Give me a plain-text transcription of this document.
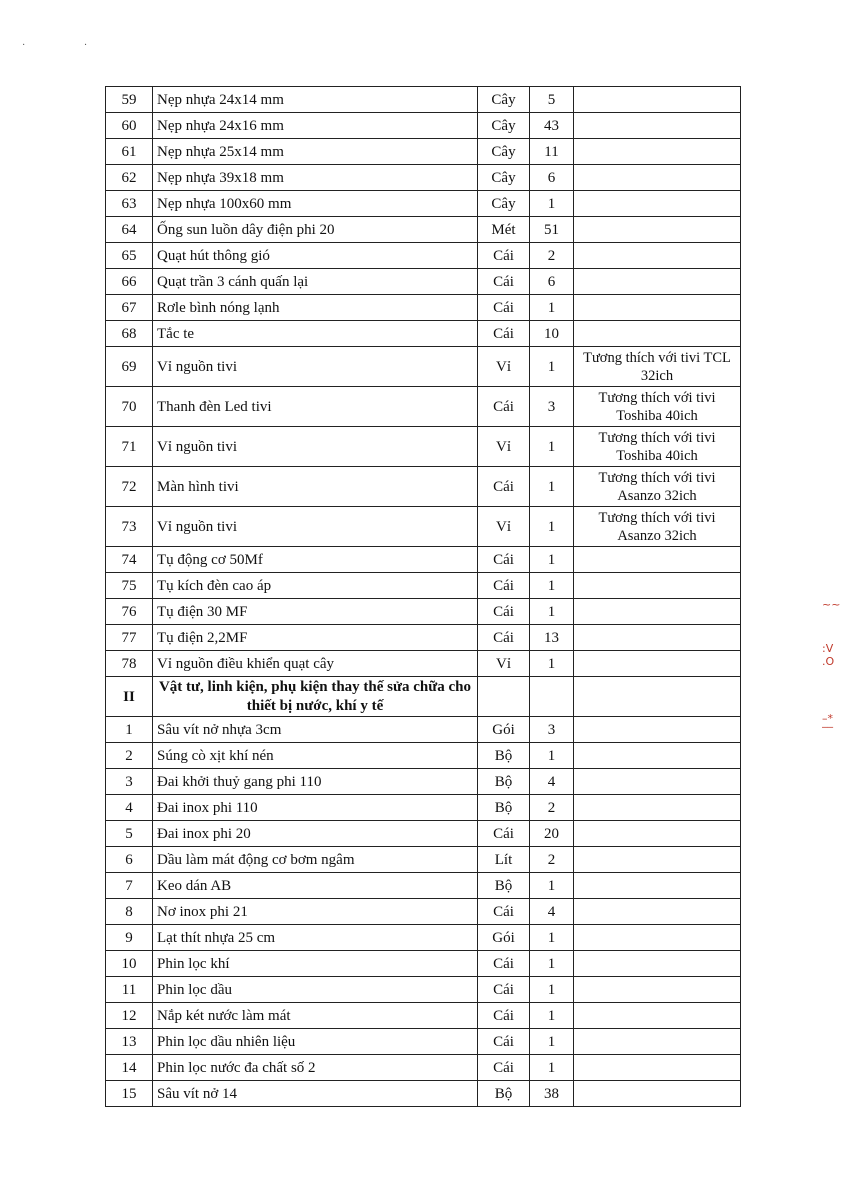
· ·
59	Nẹp nhựa 24x14 mm	Cây	5	
60	Nẹp nhựa 24x16 mm	Cây	43	
61	Nẹp nhựa 25x14 mm	Cây	11	
62	Nẹp nhựa 39x18 mm	Cây	6	
63	Nẹp nhựa 100x60 mm	Cây	1	
64	Ống sun luồn dây điện phi 20	Mét	51	
65	Quạt hút thông gió	Cái	2	
66	Quạt trần 3 cánh quấn lại	Cái	6	
67	Rơle bình nóng lạnh	Cái	1	
68	Tắc te	Cái	10	
69	Vỉ nguồn tivi	Vỉ	1	Tương thích với tivi TCL 32ich
70	Thanh đèn Led tivi	Cái	3	Tương thích với tivi Toshiba 40ich
71	Vỉ nguồn tivi	Vỉ	1	Tương thích với tivi Toshiba 40ich
72	Màn hình tivi	Cái	1	Tương thích với tivi Asanzo 32ich
73	Vỉ nguồn tivi	Vỉ	1	Tương thích với tivi Asanzo 32ich
74	Tụ động cơ 50Mf	Cái	1	
75	Tụ kích đèn cao áp	Cái	1	
76	Tụ điện 30 MF	Cái	1	
77	Tụ điện 2,2MF	Cái	13	
78	Vỉ nguồn điều khiển quạt cây	Vỉ	1	
II	Vật tư, linh kiện, phụ kiện thay thế sửa chữa cho thiết bị nước, khí y tế			
1	Sâu vít nở nhựa 3cm	Gói	3	
2	Súng cò xịt khí nén	Bộ	1	
3	Đai khởi thuỷ gang phi 110	Bộ	4	
4	Đai inox phi 110	Bộ	2	
5	Đai inox phi 20	Cái	20	
6	Dầu làm mát động cơ bơm ngâm	Lít	2	
7	Keo dán AB	Bộ	1	
8	Nơ inox phi 21	Cái	4	
9	Lạt thít nhựa 25 cm	Gói	1	
10	Phin lọc khí	Cái	1	
11	Phin lọc dầu	Cái	1	
12	Nắp két nước làm mát	Cái	1	
13	Phin lọc dầu nhiên liệu	Cái	1	
14	Phin lọc nước đa chất số 2	Cái	1	
15	Sâu vít nở 14	Bộ	38	
~~
:V
.O
–*
‾‾
